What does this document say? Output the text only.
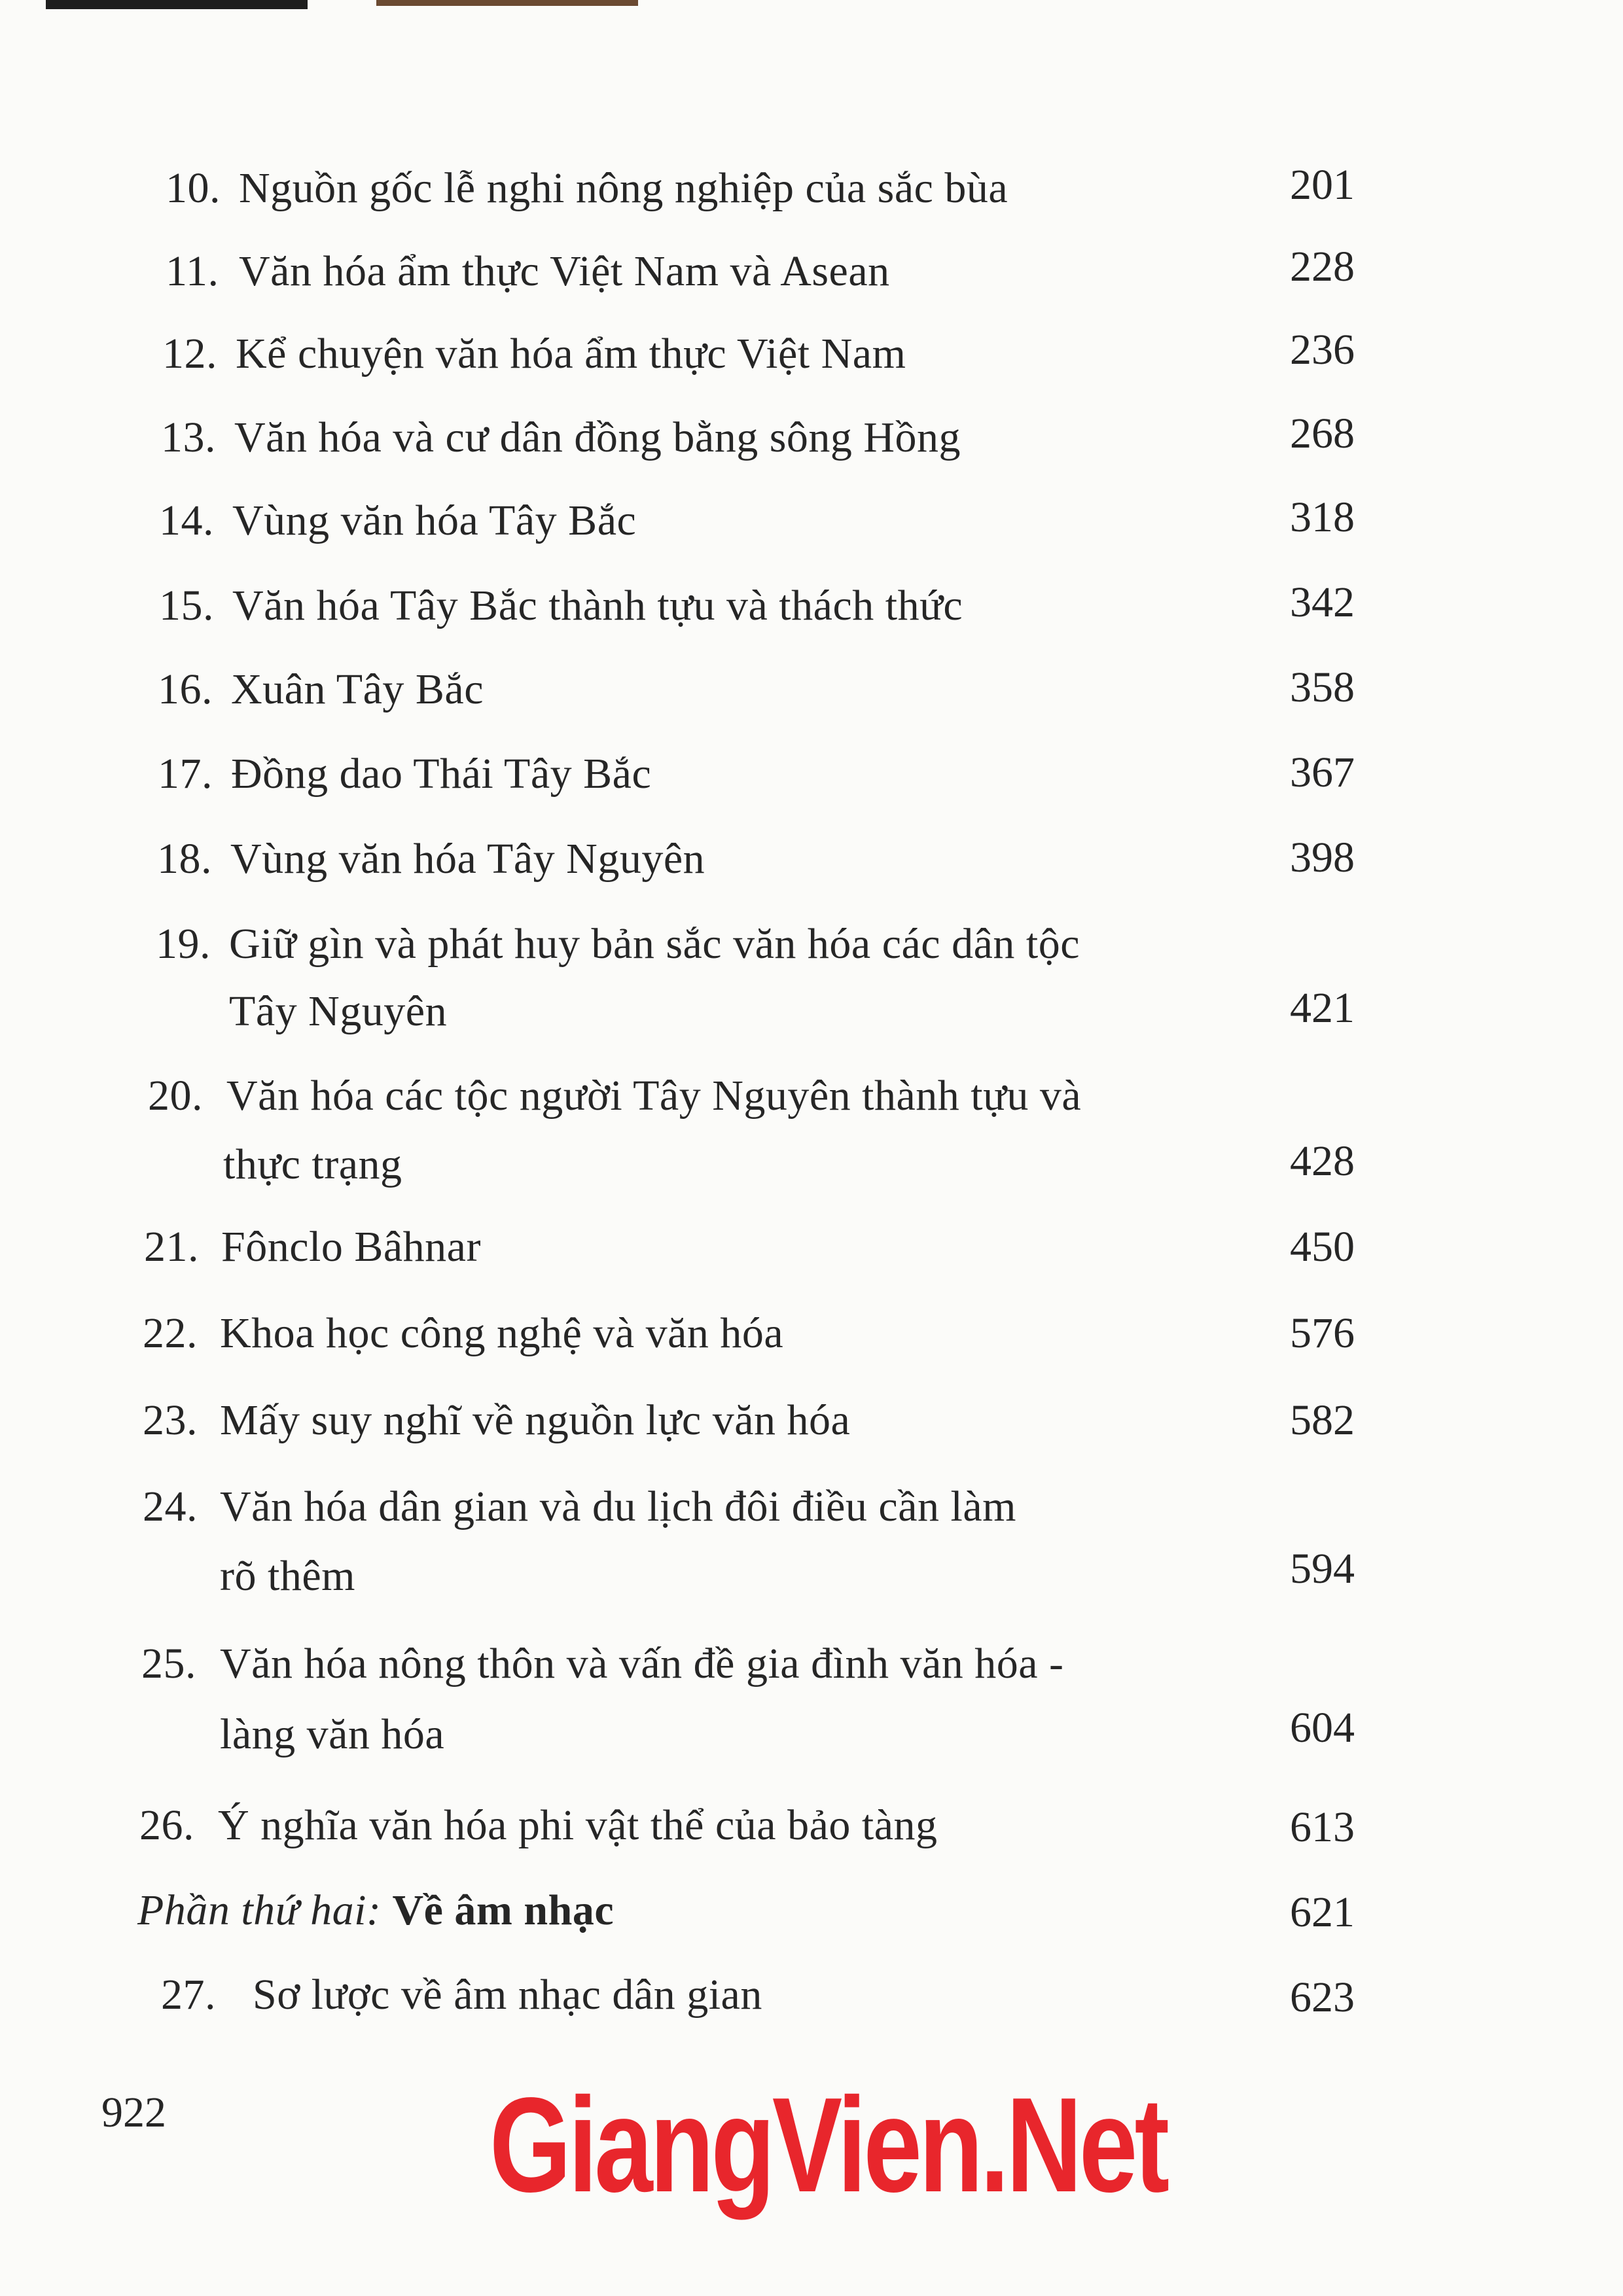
10. Nguồn gốc lễ nghi nông nghiệp của sắc bùa	201
11. Văn hóa ẩm thực Việt Nam và Asean	228
12. Kể chuyện văn hóa ẩm thực Việt Nam	236
13. Văn hóa và cư dân đồng bằng sông Hồng	268
14. Vùng văn hóa Tây Bắc	318
15. Văn hóa Tây Bắc thành tựu và thách thức	342
16. Xuân Tây Bắc	358
17. Đồng dao Thái Tây Bắc	367
18. Vùng văn hóa Tây Nguyên	398
19. Giữ gìn và phát huy bản sắc văn hóa các dân tộc
Tây Nguyên	421
20. Văn hóa các tộc người Tây Nguyên thành tựu và
thực trạng	428
21. Fônclo Bâhnar	450
22. Khoa học công nghệ và văn hóa	576
23. Mấy suy nghĩ về nguồn lực văn hóa	582
24. Văn hóa dân gian và du lịch đôi điều cần làm
rõ thêm	594
25. Văn hóa nông thôn và vấn đề gia đình văn hóa -
làng văn hóa	604
26. Ý nghĩa văn hóa phi vật thể của bảo tàng	613
Phần thứ hai: Về âm nhạc	621
27. Sơ lược về âm nhạc dân gian	623
922 GiangVien.Net
